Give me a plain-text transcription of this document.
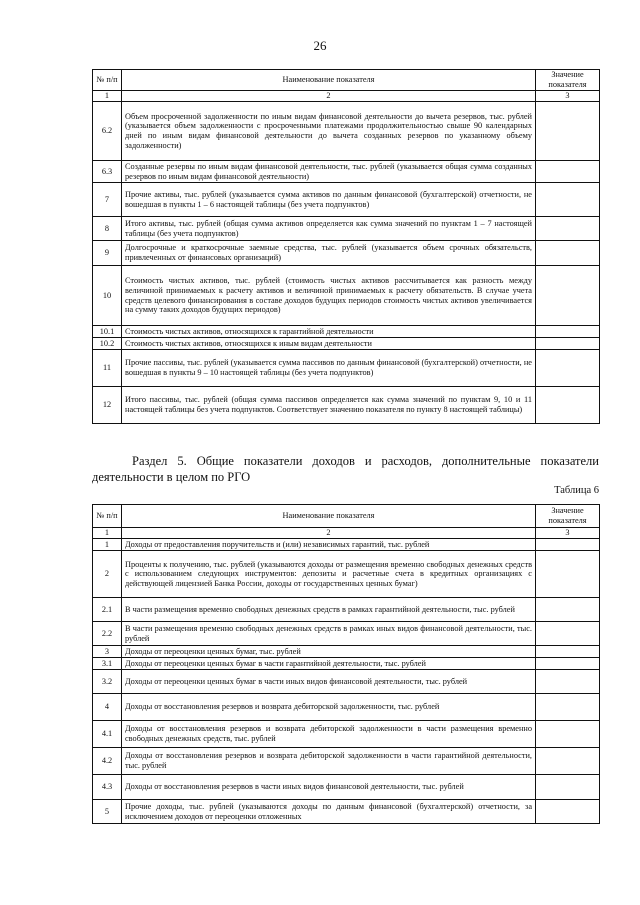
26
№ п/п	Наименование показателя	Значение показателя
1	2	3
6.2	Объем просроченной задолженности по иным видам финансовой деятельности до вычета резервов, тыс. рублей (указывается объем задолженности с просроченными платежами продолжительностью свыше 90 календарных дней по иным видам финансовой деятельности до вычета созданных резервов по указанному объему задолженности)	
6.3	Созданные резервы по иным видам финансовой деятельности, тыс. рублей (указывается общая сумма созданных резервов по иным видам финансовой деятельности)	
7	Прочие активы, тыс. рублей (указывается сумма активов по данным финансовой (бухгалтерской) отчетности, не вошедшая в пункты 1 – 6 настоящей таблицы (без учета подпунктов)	
8	Итого активы, тыс. рублей (общая сумма активов определяется как сумма значений по пунктам 1 – 7 настоящей таблицы (без учета подпунктов)	
9	Долгосрочные и краткосрочные заемные средства, тыс. рублей (указывается объем срочных обязательств, привлеченных от финансовых организаций)	
10	Стоимость чистых активов, тыс. рублей (стоимость чистых активов рассчитывается как разность между величиной принимаемых к расчету активов и величиной принимаемых к расчету обязательств. В случае учета средств целевого финансирования в составе доходов будущих периодов стоимость чистых активов увеличивается на сумму таких доходов будущих периодов)	
10.1	Стоимость чистых активов, относящихся к гарантийной деятельности	
10.2	Стоимость чистых активов, относящихся к иным видам деятельности	
11	Прочие пассивы, тыс. рублей (указывается сумма пассивов по данным финансовой (бухгалтерской) отчетности, не вошедшая в пункты 9 – 10 настоящей таблицы (без учета подпунктов)	
12	Итого пассивы, тыс. рублей (общая сумма пассивов определяется как сумма значений по пунктам 9, 10 и 11 настоящей таблицы без учета подпунктов. Соответствует значению показателя по пункту 8 настоящей таблицы)	
Раздел 5. Общие показатели доходов и расходов, дополнительные показатели деятельности в целом по РГО
Таблица 6
№ п/п	Наименование показателя	Значение показателя
1	2	3
1	Доходы от предоставления поручительств и (или) независимых гарантий, тыс. рублей	
2	Проценты к получению, тыс. рублей (указываются доходы от размещения временно свободных денежных средств с использованием следующих инструментов: депозиты и расчетные счета в кредитных организациях с действующей лицензией Банка России, доходы от государственных ценных бумаг)	
2.1	В части размещения временно свободных денежных средств в рамках гарантийной деятельности, тыс. рублей	
2.2	В части размещения временно свободных денежных средств в рамках иных видов финансовой деятельности, тыс. рублей	
3	Доходы от переоценки ценных бумаг, тыс. рублей	
3.1	Доходы от переоценки ценных бумаг в части гарантийной деятельности, тыс. рублей	
3.2	Доходы от переоценки ценных бумаг в части иных видов финансовой деятельности, тыс. рублей	
4	Доходы от восстановления резервов и возврата дебиторской задолженности, тыс. рублей	
4.1	Доходы от восстановления резервов и возврата дебиторской задолженности в части размещения временно свободных денежных средств, тыс. рублей	
4.2	Доходы от восстановления резервов и возврата дебиторской задолженности в части гарантийной деятельности, тыс. рублей	
4.3	Доходы от восстановления резервов в части иных видов финансовой деятельности, тыс. рублей	
5	Прочие доходы, тыс. рублей (указываются доходы по данным финансовой (бухгалтерской) отчетности, за исключением доходов от переоценки отложенных	
